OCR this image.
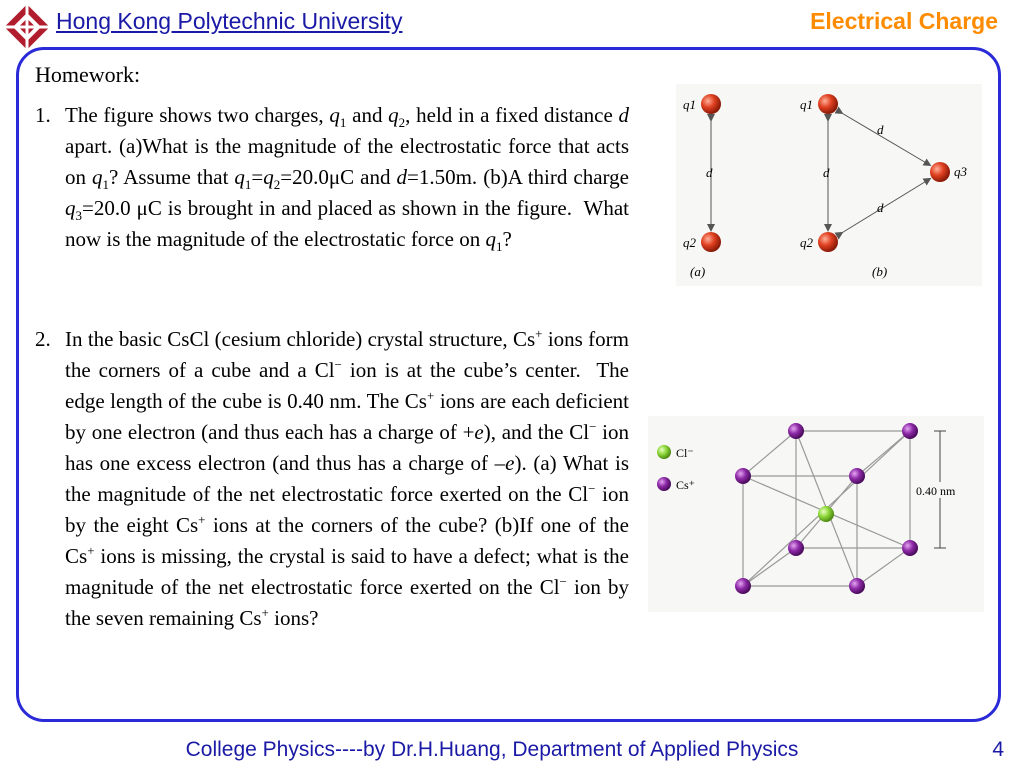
Hong Kong Polytechnic University	Electrical Charge
Homework:
1. The figure shows two charges, $q_1$ and $q_2$, held in a fixed distance d apart. (a)What is the magnitude of the electrostatic force that acts on $q_1$? Assume that $q_1=q_2=20.0\mu C$ and d=1.50m. (b)A third charge $q_3=20.0$ μC is brought in and placed as shown in the figure.  What now is the magnitude of the electrostatic force on $q_1$?
2. In the basic CsCl (cesium chloride) crystal structure, Cs+ ions form the corners of a cube and a Cl− ion is at the cube’s center.  The edge length of the cube is 0.40 nm. The Cs+ ions are each deficient by one electron (and thus each has a charge of +e), and the Cl− ion has one excess electron (and thus has a charge of –e). (a) What is the magnitude of the net electrostatic force exerted on the Cl− ion by the eight Cs+ ions at the corners of the cube? (b)If one of the Cs+ ions is missing, the crystal is said to have a defect; what is the magnitude of the net electrostatic force exerted on the Cl− ion by the seven remaining Cs+ ions?
q1
q2
d
(a)
q1
q2
q3
d
d
d
(b)
0.40 nm
Cl⁻
Cs⁺
College Physics----by Dr.H.Huang, Department of Applied Physics	4
